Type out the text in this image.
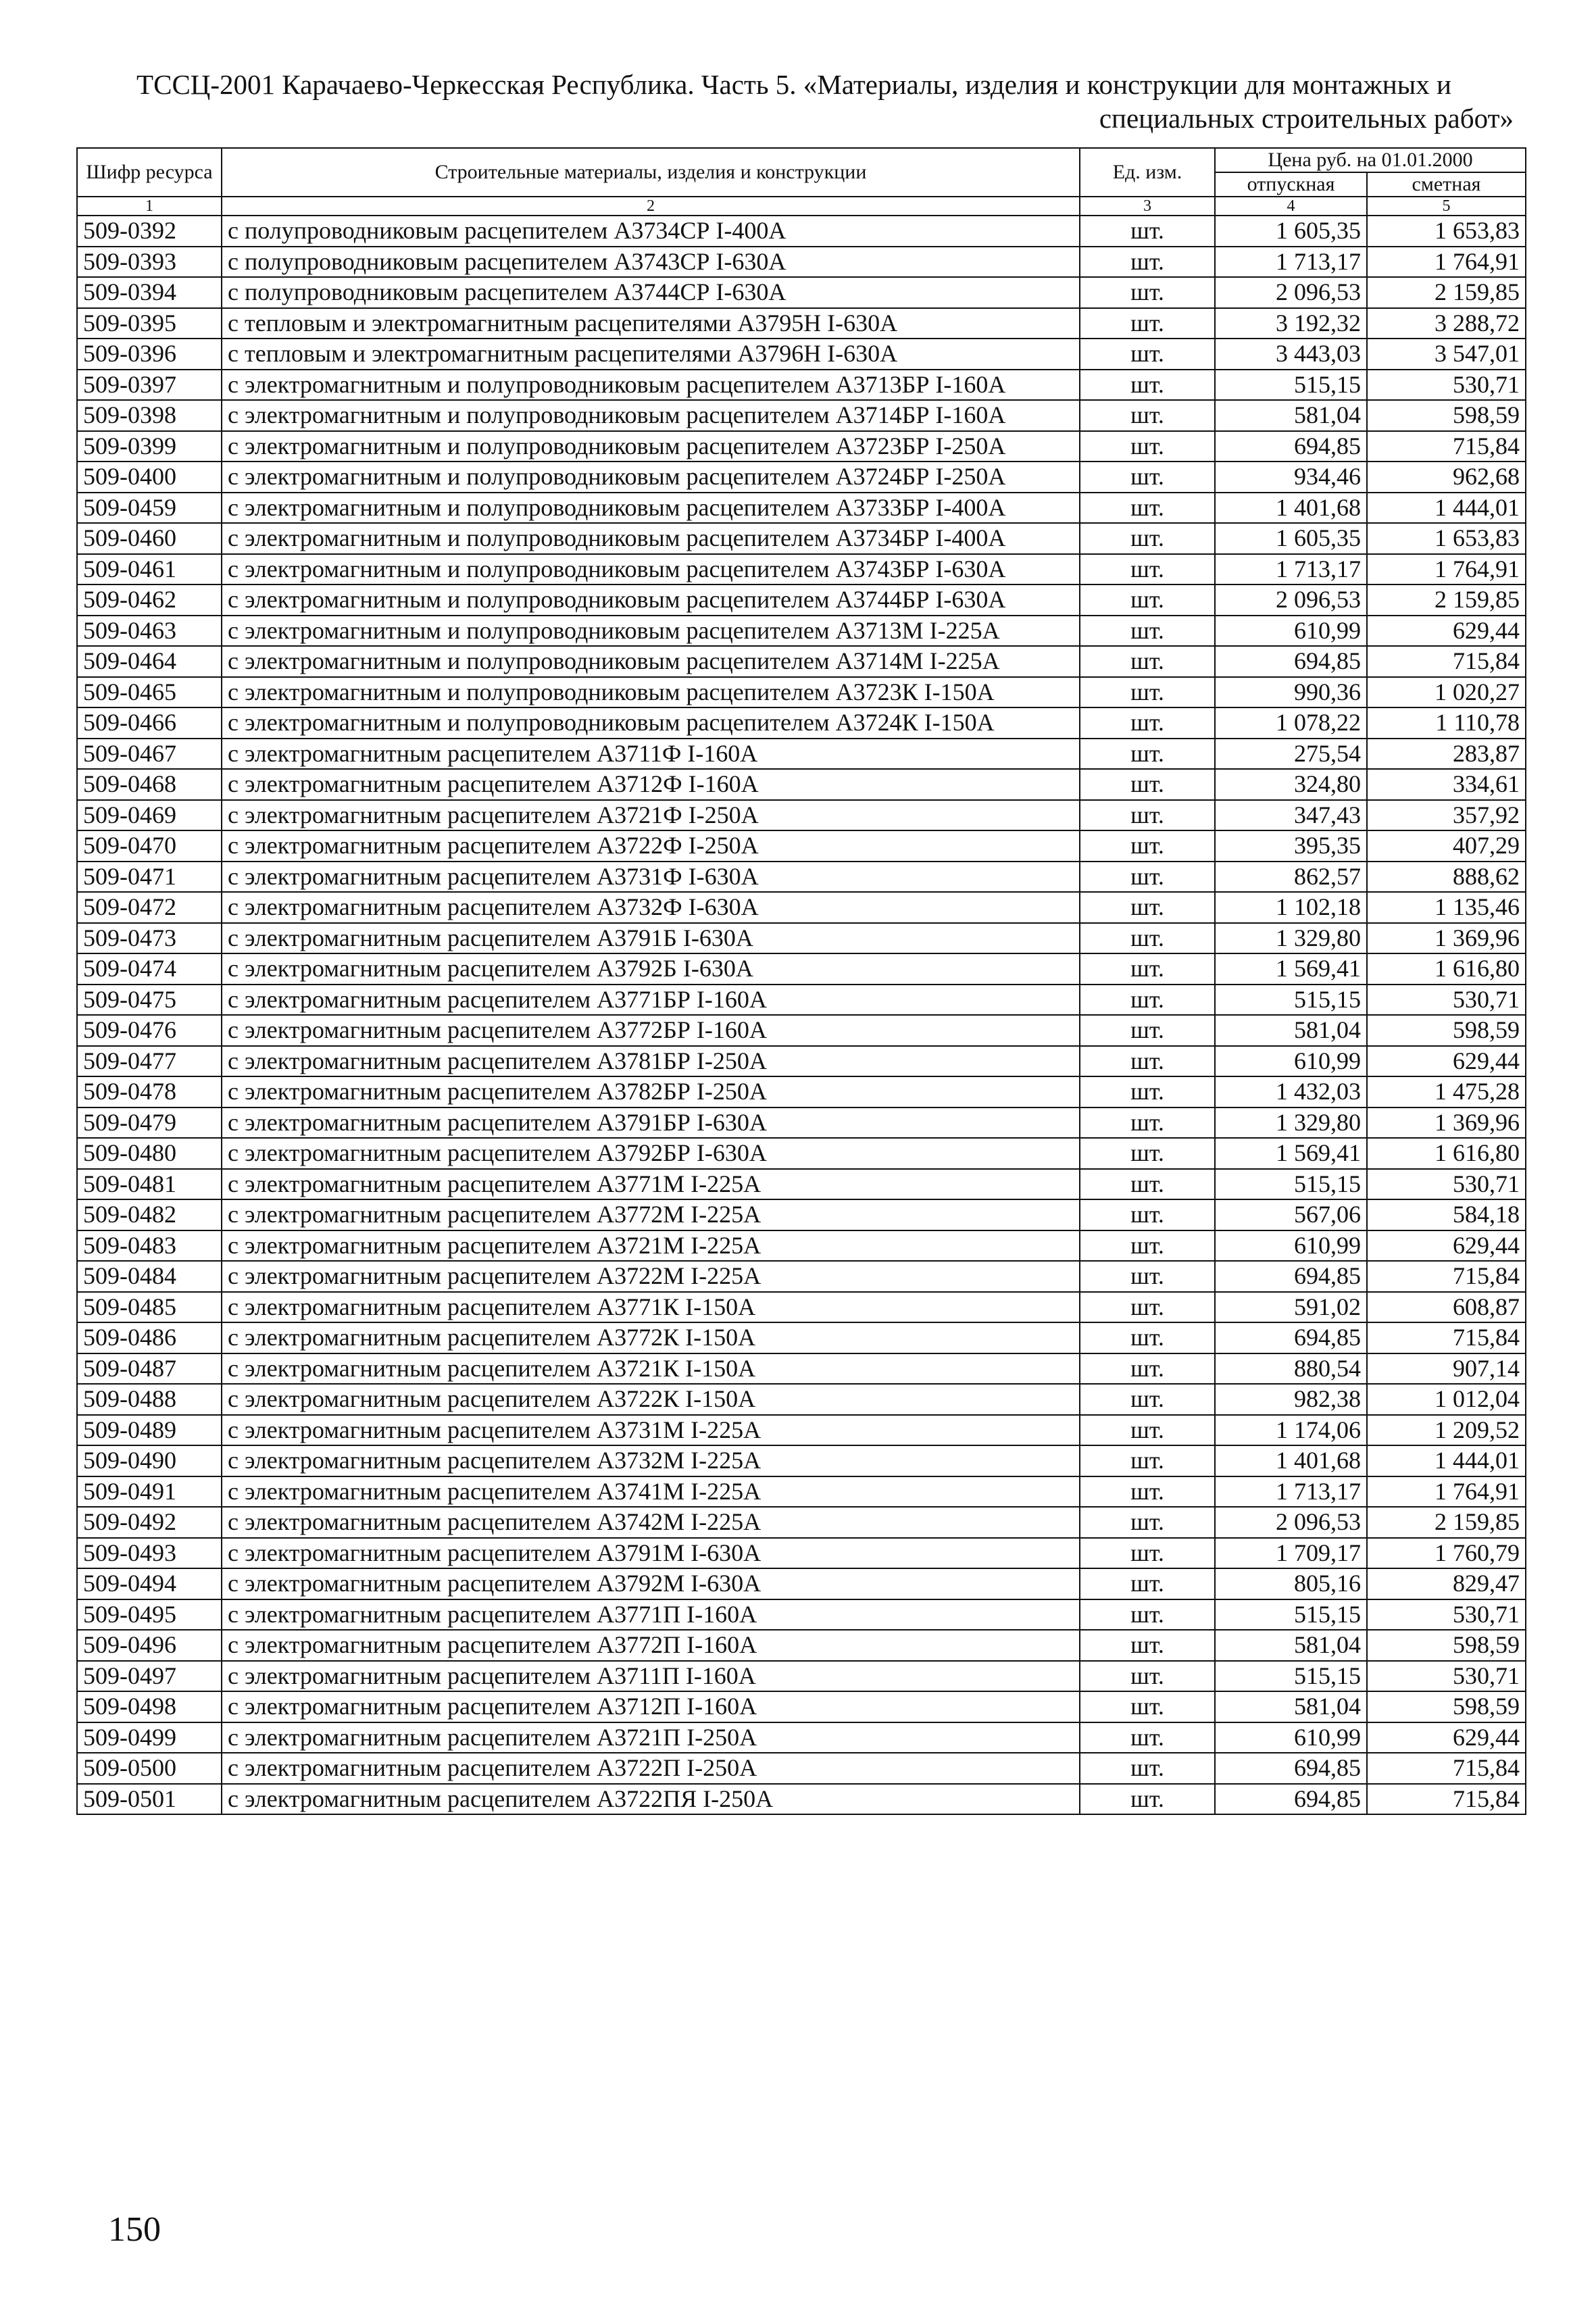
ТССЦ-2001 Карачаево-Черкесская Республика. Часть 5. «Материалы, изделия и конструкции для монтажных и
специальных строительных работ»
Шифр ресурса	Строительные материалы, изделия и конструкции	Ед. изм.	Цена руб. на 01.01.2000	
			отпускная	сметная
1	2	3	4	5
509-0392	с полупроводниковым расцепителем А3734СР I-400А	шт.	1 605,35	1 653,83
509-0393	с полупроводниковым расцепителем А3743СР I-630А	шт.	1 713,17	1 764,91
509-0394	с полупроводниковым расцепителем А3744СР I-630А	шт.	2 096,53	2 159,85
509-0395	с тепловым и электромагнитным расцепителями А3795Н I-630А	шт.	3 192,32	3 288,72
509-0396	с тепловым и электромагнитным расцепителями А3796Н I-630А	шт.	3 443,03	3 547,01
509-0397	с электромагнитным и полупроводниковым расцепителем А3713БР I-160А	шт.	515,15	530,71
509-0398	с электромагнитным и полупроводниковым расцепителем А3714БР I-160А	шт.	581,04	598,59
509-0399	с электромагнитным и полупроводниковым расцепителем А3723БР I-250А	шт.	694,85	715,84
509-0400	с электромагнитным и полупроводниковым расцепителем А3724БР I-250А	шт.	934,46	962,68
509-0459	с электромагнитным и полупроводниковым расцепителем А3733БР I-400А	шт.	1 401,68	1 444,01
509-0460	с электромагнитным и полупроводниковым расцепителем А3734БР I-400А	шт.	1 605,35	1 653,83
509-0461	с электромагнитным и полупроводниковым расцепителем А3743БР I-630А	шт.	1 713,17	1 764,91
509-0462	с электромагнитным и полупроводниковым расцепителем А3744БР I-630А	шт.	2 096,53	2 159,85
509-0463	с электромагнитным и полупроводниковым расцепителем А3713М I-225А	шт.	610,99	629,44
509-0464	с электромагнитным и полупроводниковым расцепителем А3714М I-225А	шт.	694,85	715,84
509-0465	с электромагнитным и полупроводниковым расцепителем А3723К I-150А	шт.	990,36	1 020,27
509-0466	с электромагнитным и полупроводниковым расцепителем А3724К I-150А	шт.	1 078,22	1 110,78
509-0467	с электромагнитным расцепителем А3711Ф I-160А	шт.	275,54	283,87
509-0468	с электромагнитным расцепителем А3712Ф I-160А	шт.	324,80	334,61
509-0469	с электромагнитным расцепителем А3721Ф I-250А	шт.	347,43	357,92
509-0470	с электромагнитным расцепителем А3722Ф I-250А	шт.	395,35	407,29
509-0471	с электромагнитным расцепителем А3731Ф I-630А	шт.	862,57	888,62
509-0472	с электромагнитным расцепителем А3732Ф I-630А	шт.	1 102,18	1 135,46
509-0473	с электромагнитным расцепителем А3791Б I-630А	шт.	1 329,80	1 369,96
509-0474	с электромагнитным расцепителем А3792Б I-630А	шт.	1 569,41	1 616,80
509-0475	с электромагнитным расцепителем А3771БР I-160А	шт.	515,15	530,71
509-0476	с электромагнитным расцепителем А3772БР I-160А	шт.	581,04	598,59
509-0477	с электромагнитным расцепителем А3781БР I-250А	шт.	610,99	629,44
509-0478	с электромагнитным расцепителем А3782БР I-250А	шт.	1 432,03	1 475,28
509-0479	с электромагнитным расцепителем А3791БР I-630А	шт.	1 329,80	1 369,96
509-0480	с электромагнитным расцепителем А3792БР I-630А	шт.	1 569,41	1 616,80
509-0481	с электромагнитным расцепителем А3771М I-225А	шт.	515,15	530,71
509-0482	с электромагнитным расцепителем А3772М I-225А	шт.	567,06	584,18
509-0483	с электромагнитным расцепителем А3721М I-225А	шт.	610,99	629,44
509-0484	с электромагнитным расцепителем А3722М I-225А	шт.	694,85	715,84
509-0485	с электромагнитным расцепителем А3771К I-150А	шт.	591,02	608,87
509-0486	с электромагнитным расцепителем А3772К I-150А	шт.	694,85	715,84
509-0487	с электромагнитным расцепителем А3721К I-150А	шт.	880,54	907,14
509-0488	с электромагнитным расцепителем А3722К I-150А	шт.	982,38	1 012,04
509-0489	с электромагнитным расцепителем А3731М I-225А	шт.	1 174,06	1 209,52
509-0490	с электромагнитным расцепителем А3732М I-225А	шт.	1 401,68	1 444,01
509-0491	с электромагнитным расцепителем А3741М I-225А	шт.	1 713,17	1 764,91
509-0492	с электромагнитным расцепителем А3742М I-225А	шт.	2 096,53	2 159,85
509-0493	с электромагнитным расцепителем А3791М I-630А	шт.	1 709,17	1 760,79
509-0494	с электромагнитным расцепителем А3792М I-630А	шт.	805,16	829,47
509-0495	с электромагнитным расцепителем А3771П I-160А	шт.	515,15	530,71
509-0496	с электромагнитным расцепителем А3772П I-160А	шт.	581,04	598,59
509-0497	с электромагнитным расцепителем А3711П I-160А	шт.	515,15	530,71
509-0498	с электромагнитным расцепителем А3712П I-160А	шт.	581,04	598,59
509-0499	с электромагнитным расцепителем А3721П I-250А	шт.	610,99	629,44
509-0500	с электромагнитным расцепителем А3722П I-250А	шт.	694,85	715,84
509-0501	с электромагнитным расцепителем А3722ПЯ I-250А	шт.	694,85	715,84
150
